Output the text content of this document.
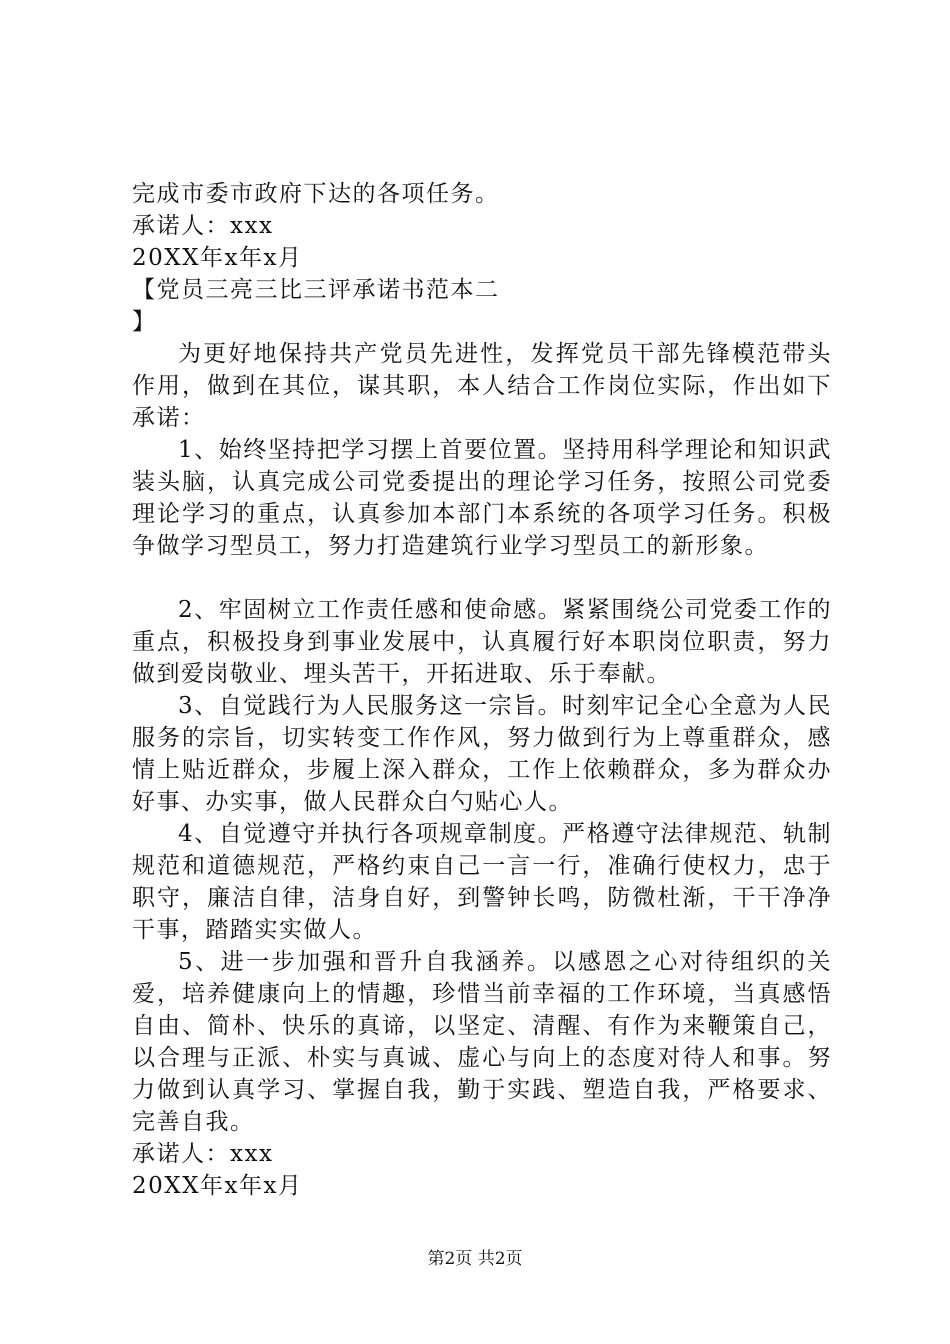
完成市委市政府下达的各项任务。

承诺人：xxx

20XX年x年x月

【党员三亮三比三评承诺书范本二

】

为更好地保持共产党员先进性，发挥党员干部先锋模范带头作用，做到在其位，谋其职，本人结合工作岗位实际，作出如下承诺：

1、始终坚持把学习摆上首要位置。坚持用科学理论和知识武装头脑，认真完成公司党委提出的理论学习任务，按照公司党委理论学习的重点，认真参加本部门本系统的各项学习任务。积极争做学习型员工，努力打造建筑行业学习型员工的新形象。

2、牢固树立工作责任感和使命感。紧紧围绕公司党委工作的重点，积极投身到事业发展中，认真履行好本职岗位职责，努力做到爱岗敬业、埋头苦干，开拓进取、乐于奉献。

3、自觉践行为人民服务这一宗旨。时刻牢记全心全意为人民服务的宗旨，切实转变工作作风，努力做到行为上尊重群众，感情上贴近群众，步履上深入群众，工作上依赖群众，多为群众办好事、办实事，做人民群众白勺贴心人。

4、自觉遵守并执行各项规章制度。严格遵守法律规范、轨制规范和道德规范，严格约束自己一言一行，准确行使权力，忠于职守，廉洁自律，洁身自好，到警钟长鸣，防微杜渐，干干净净干事，踏踏实实做人。

5、进一步加强和晋升自我涵养。以感恩之心对待组织的关爱，培养健康向上的情趣，珍惜当前幸福的工作环境，当真感悟自由、简朴、快乐的真谛，以坚定、清醒、有作为来鞭策自己，以合理与正派、朴实与真诚、虚心与向上的态度对待人和事。努力做到认真学习、掌握自我，勤于实践、塑造自我，严格要求、完善自我。

承诺人：xxx

20XX年x年x月

第2页 共2页
